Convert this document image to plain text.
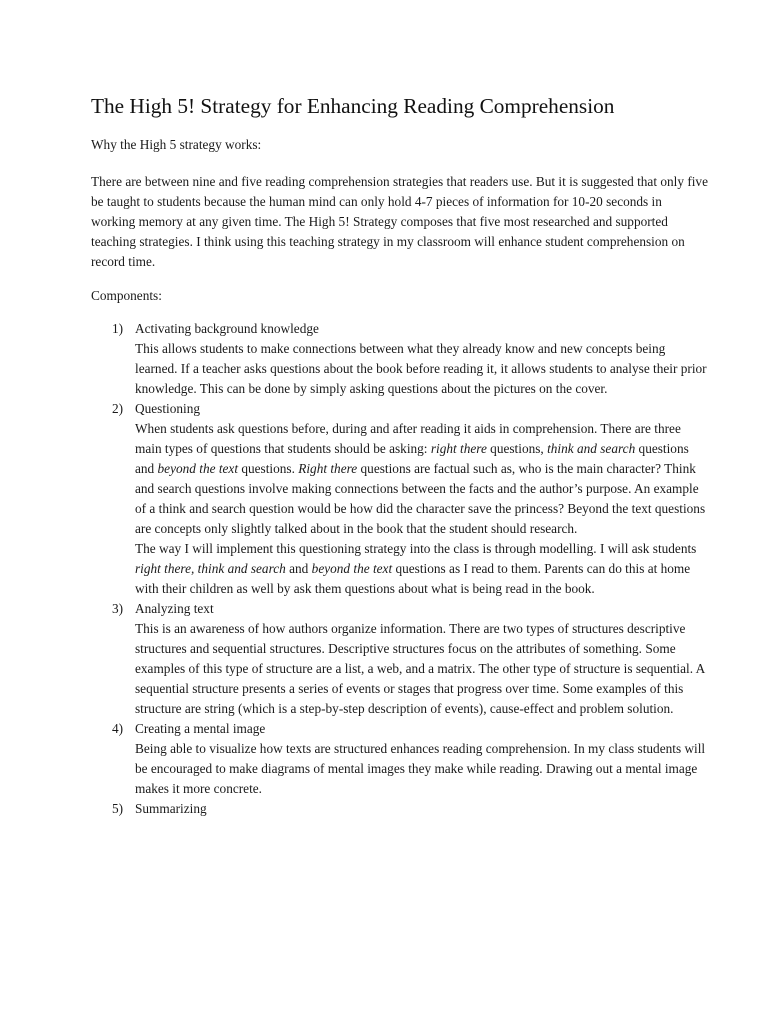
The High 5! Strategy for Enhancing Reading Comprehension

Why the High 5 strategy works:

There are between nine and five reading comprehension strategies that readers use. But it is suggested that only five be taught to students because the human mind can only hold 4-7 pieces of information for 10-20 seconds in working memory at any given time. The High 5! Strategy composes that five most researched and supported teaching strategies. I think using this teaching strategy in my classroom will enhance student comprehension on record time.

Components:

1) Activating background knowledge
This allows students to make connections between what they already know and new concepts being learned. If a teacher asks questions about the book before reading it, it allows students to analyse their prior knowledge. This can be done by simply asking questions about the pictures on the cover.
2) Questioning
When students ask questions before, during and after reading it aids in comprehension. There are three main types of questions that students should be asking: right there questions, think and search questions and beyond the text questions. Right there questions are factual such as, who is the main character? Think and search questions involve making connections between the facts and the author’s purpose. An example of a think and search question would be how did the character save the princess? Beyond the text questions are concepts only slightly talked about in the book that the student should research.
The way I will implement this questioning strategy into the class is through modelling. I will ask students right there, think and search and beyond the text questions as I read to them. Parents can do this at home with their children as well by ask them questions about what is being read in the book.
3) Analyzing text
This is an awareness of how authors organize information. There are two types of structures descriptive structures and sequential structures. Descriptive structures focus on the attributes of something. Some examples of this type of structure are a list, a web, and a matrix. The other type of structure is sequential. A sequential structure presents a series of events or stages that progress over time. Some examples of this structure are string (which is a step-by-step description of events), cause-effect and problem solution.
4) Creating a mental image
Being able to visualize how texts are structured enhances reading comprehension. In my class students will be encouraged to make diagrams of mental images they make while reading. Drawing out a mental image makes it more concrete.
5) Summarizing
